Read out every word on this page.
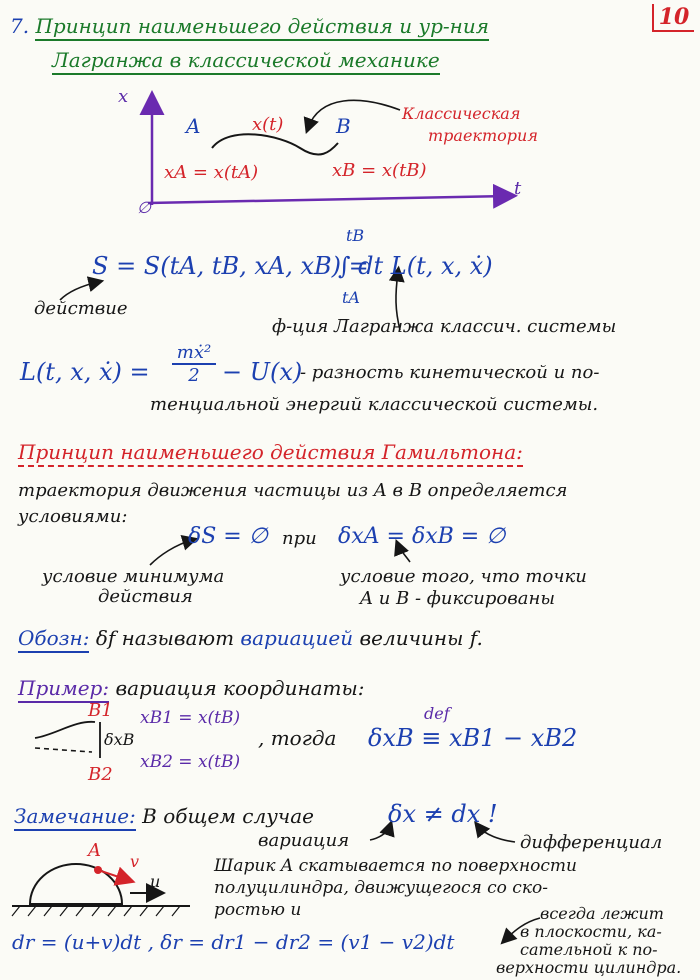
10
7. Принцип наименьшего действия и ур-ния
Лагранжа в классической механике
x
t
∅
A	B
x(t)
Классическая
траектория
xA = x(tA)	xB = x(tB)
S = S(tA, tB, xA, xB) =
∫ dt L(t, x, ẋ)
tB
tA
действие
ф-ция Лагранжа классич. системы
L(t, x, ẋ) = $\frac{\text{mẋ²}}{2} - U(x)$
- разность кинетической и по-
тенциальной энергий классической системы.
Принцип наименьшего действия Гамильтона:
траектория движения частицы из A в B определяется
условиями:
δS = ∅ при δxA = δxB = ∅
условие минимума
действия
условие того, что точки
A и B - фиксированы
Обозн: δf называют вариацией величины f.
Пример: вариация координаты:
B1
B2
xB1 = x(tB)
xB2 = x(tB)
δxB	, тогда δxB ≡ xB1 − xB2
def
Замечание: В общем случае	δx ≠ dx !
вариация	дифференциал
A
v
u
Шарик A скатывается по поверхности
полуцилиндра, движущегося со ско-
ростью u
dr = (u+v)dt , δr = dr1 − dr2 = (v1 − v2)dt
всегда лежит
в плоскости, ка-
сательной к по-
верхности цилиндра.
